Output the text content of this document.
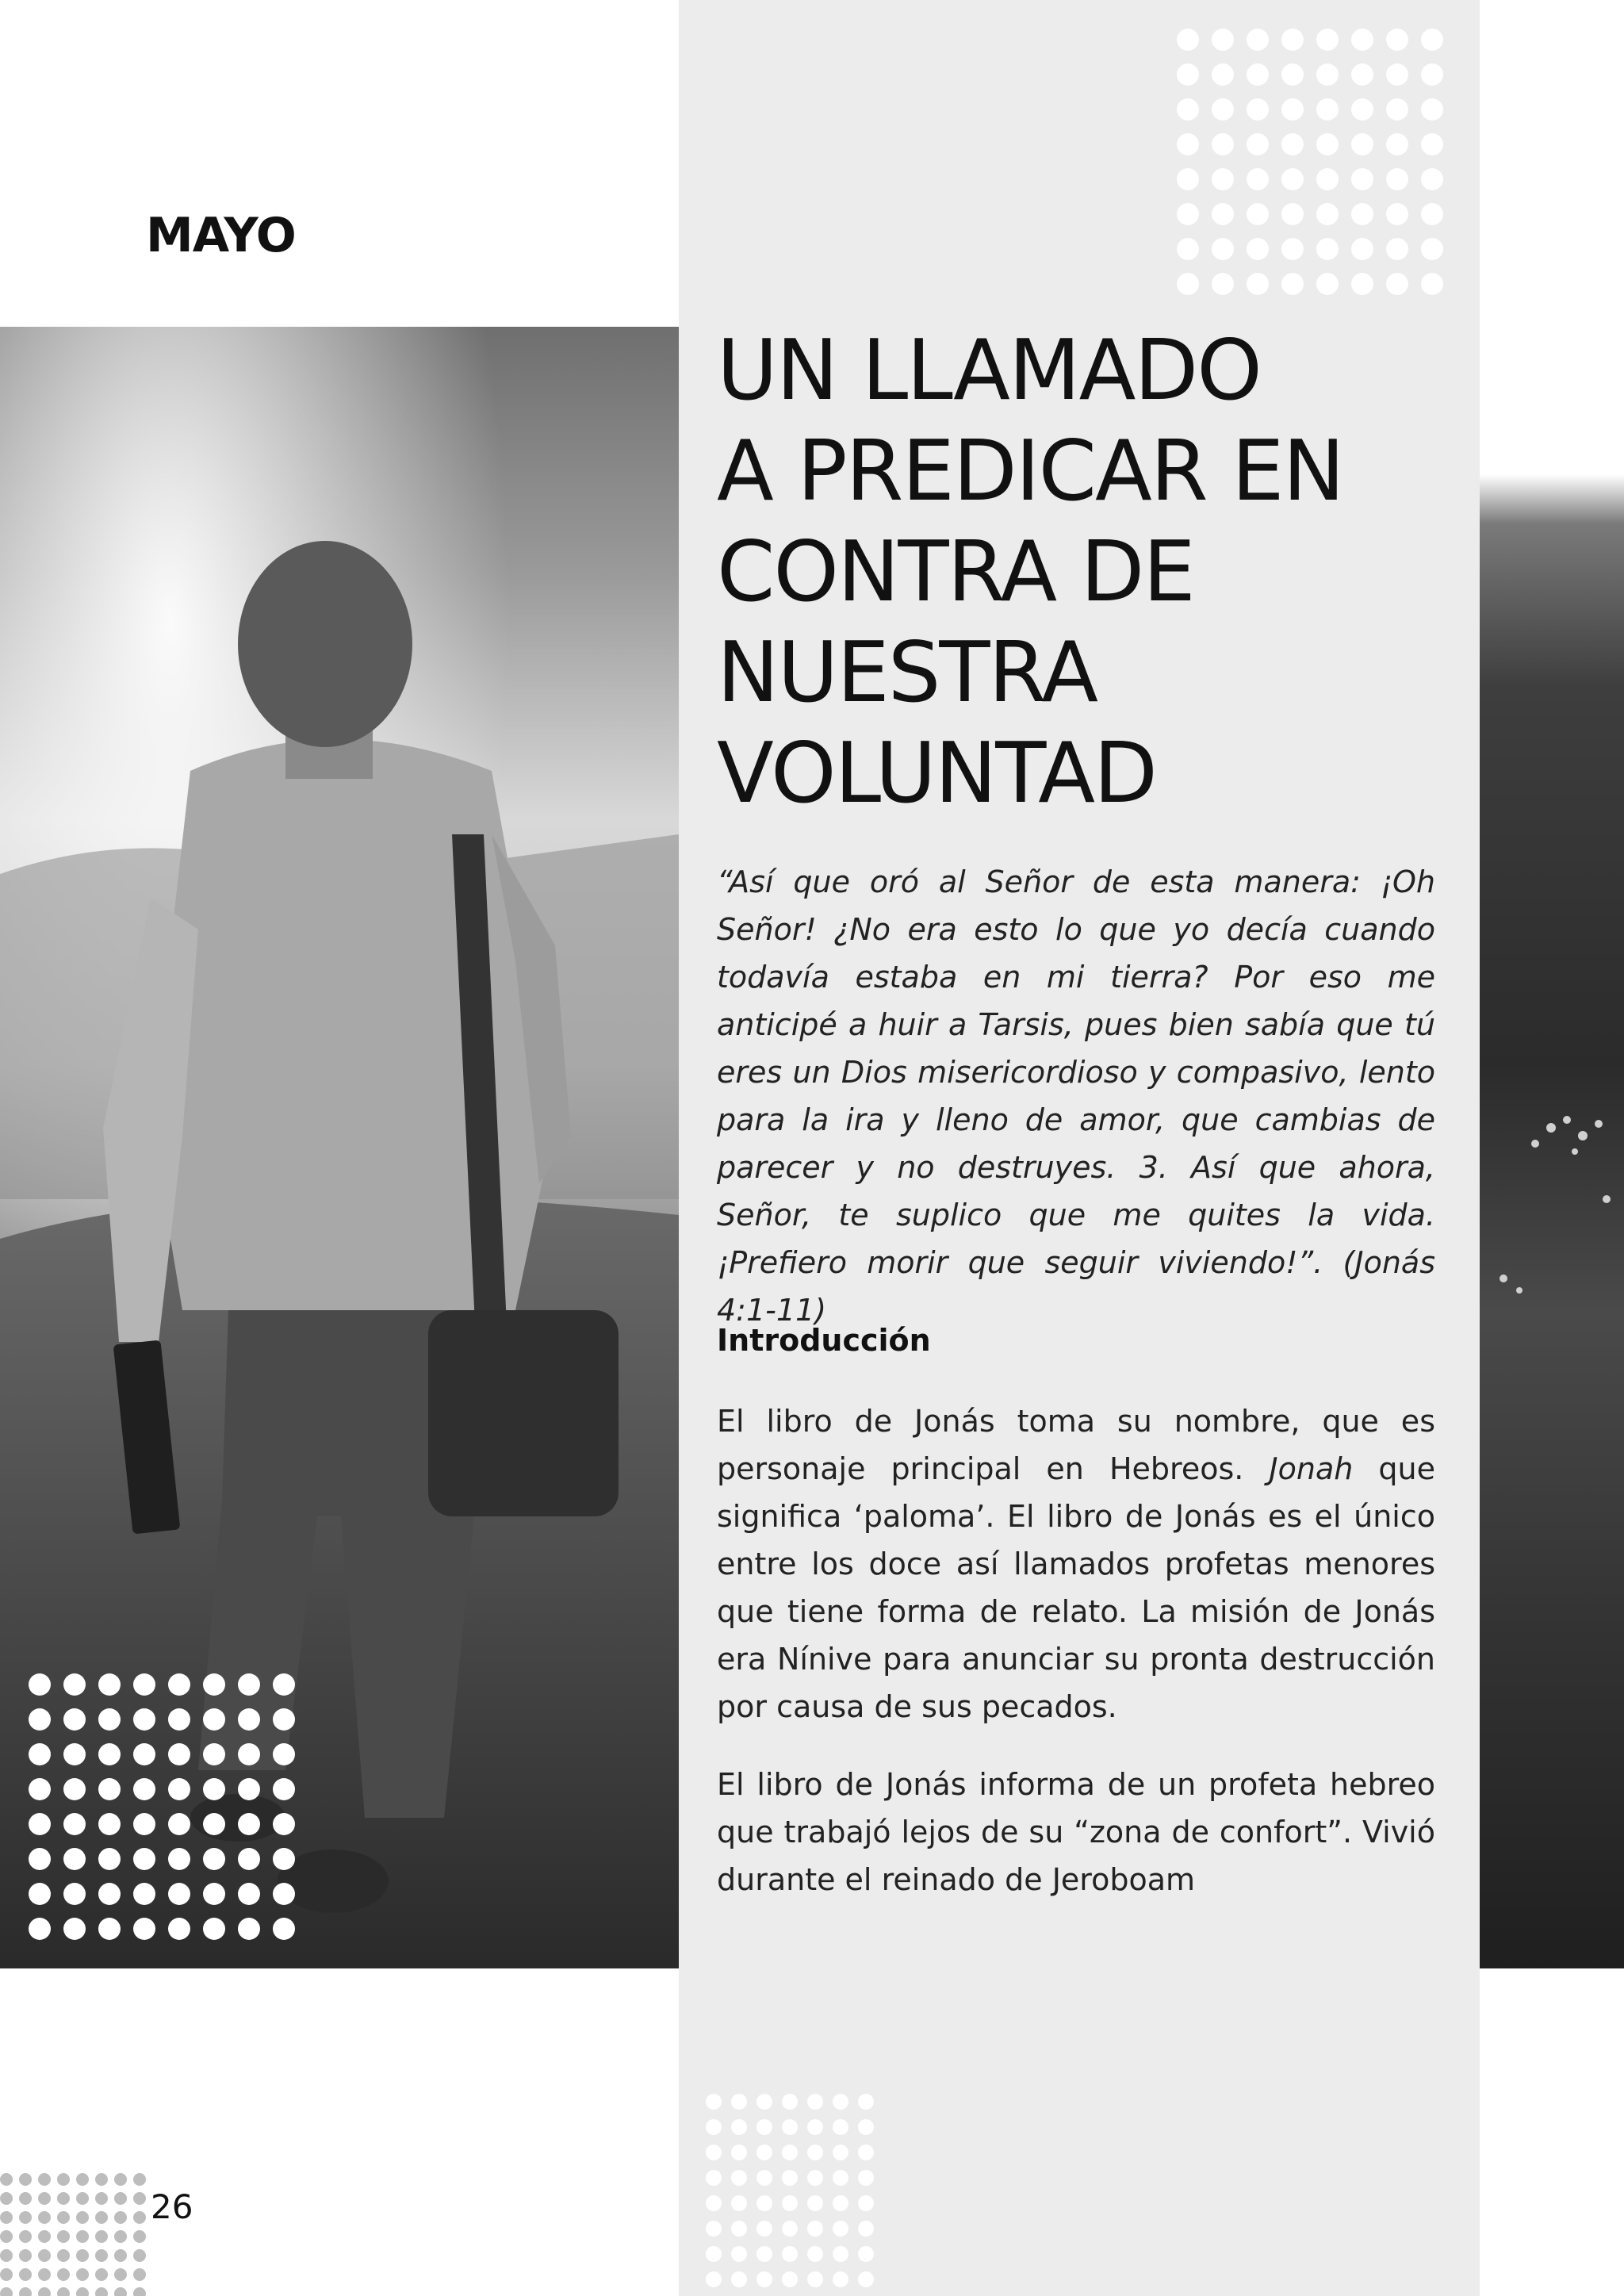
MAYO
UN LLAMADO
A PREDICAR EN
CONTRA DE
NUESTRA
VOLUNTAD

“Así que oró al Señor de esta manera: ¡Oh Señor! ¿No era esto lo que yo decía cuando todavía estaba en mi tierra? Por eso me anticipé a huir a Tarsis, pues bien sabía que tú eres un Dios misericordioso y compasivo, lento para la ira y lleno de amor, que cambias de parecer y no destruyes. 3. Así que ahora, Señor, te suplico que me quites la vida. ¡Prefiero morir que seguir viviendo!”. (Jonás 4:1-11)

Introducción

El libro de Jonás toma su nombre, que es personaje principal en Hebreos. Jonah que significa ‘paloma’. El libro de Jonás es el único entre los doce así llamados profetas menores que tiene forma de relato. La misión de Jonás era Nínive para anunciar su pronta destrucción por causa de sus pecados.

El libro de Jonás informa de un profeta hebreo que trabajó lejos de su “zona de confort”. Vivió durante el reinado de Jeroboam

26
